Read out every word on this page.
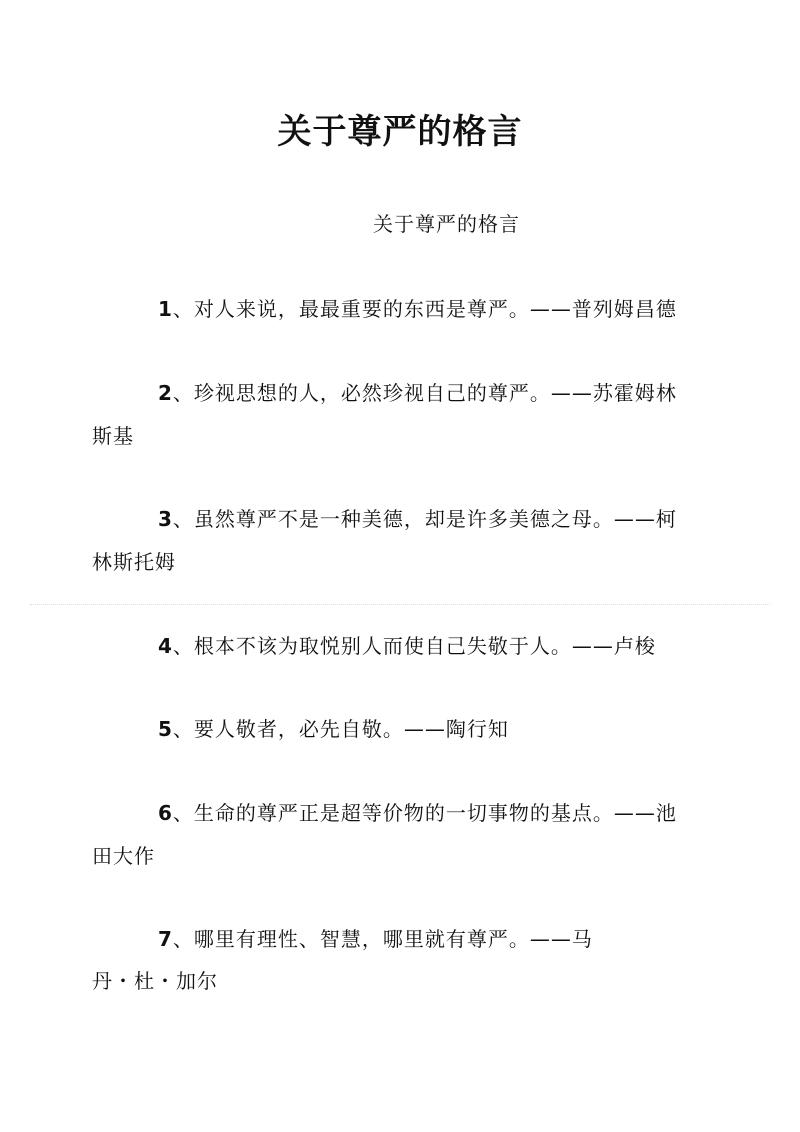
关于尊严的格言
关于尊严的格言
1、对人来说，最最重要的东西是尊严。——普列姆昌德
2、珍视思想的人，必然珍视自己的尊严。——苏霍姆林
斯基
3、虽然尊严不是一种美德，却是许多美德之母。——柯
林斯托姆
4、根本不该为取悦别人而使自己失敬于人。——卢梭
5、要人敬者，必先自敬。——陶行知
6、生命的尊严正是超等价物的一切事物的基点。——池
田大作
7、哪里有理性、智慧，哪里就有尊严。——马
丹・杜・加尔
